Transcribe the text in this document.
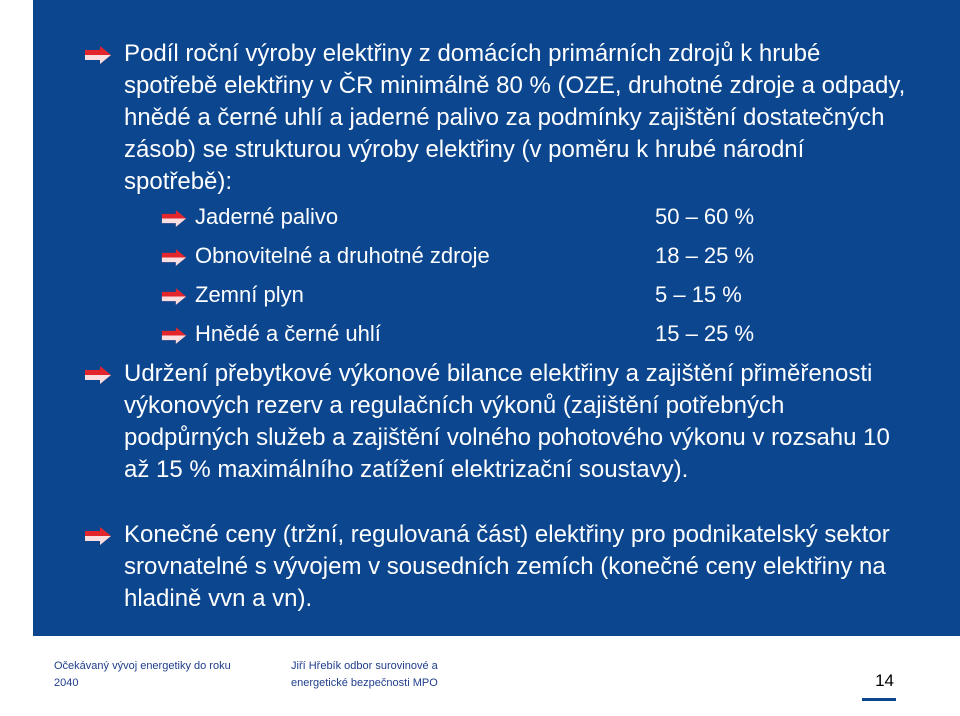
Podíl roční výroby elektřiny z domácích primárních zdrojů k hrubé spotřebě elektřiny v ČR minimálně 80 % (OZE, druhotné zdroje a odpady, hnědé a černé uhlí a jaderné palivo za podmínky zajištění dostatečných zásob) se strukturou výroby elektřiny (v poměru k hrubé národní spotřebě):
Jaderné palivo	50 – 60 %
Obnovitelné a druhotné zdroje	18 – 25 %
Zemní plyn	5 – 15 %
Hnědé a černé uhlí	15 – 25 %
Udržení přebytkové výkonové bilance elektřiny a zajištění přiměřenosti výkonových rezerv a regulačních výkonů (zajištění potřebných podpůrných služeb a zajištění volného pohotového výkonu v rozsahu 10 až 15 % maximálního zatížení elektrizační soustavy).
Konečné ceny (tržní, regulovaná část) elektřiny pro podnikatelský sektor srovnatelné s vývojem v sousedních zemích (konečné ceny elektřiny na hladině vvn a vn).
Očekávaný vývoj energetiky do roku 2040
Jiří Hřebík odbor surovinové a energetické bezpečnosti MPO	14
